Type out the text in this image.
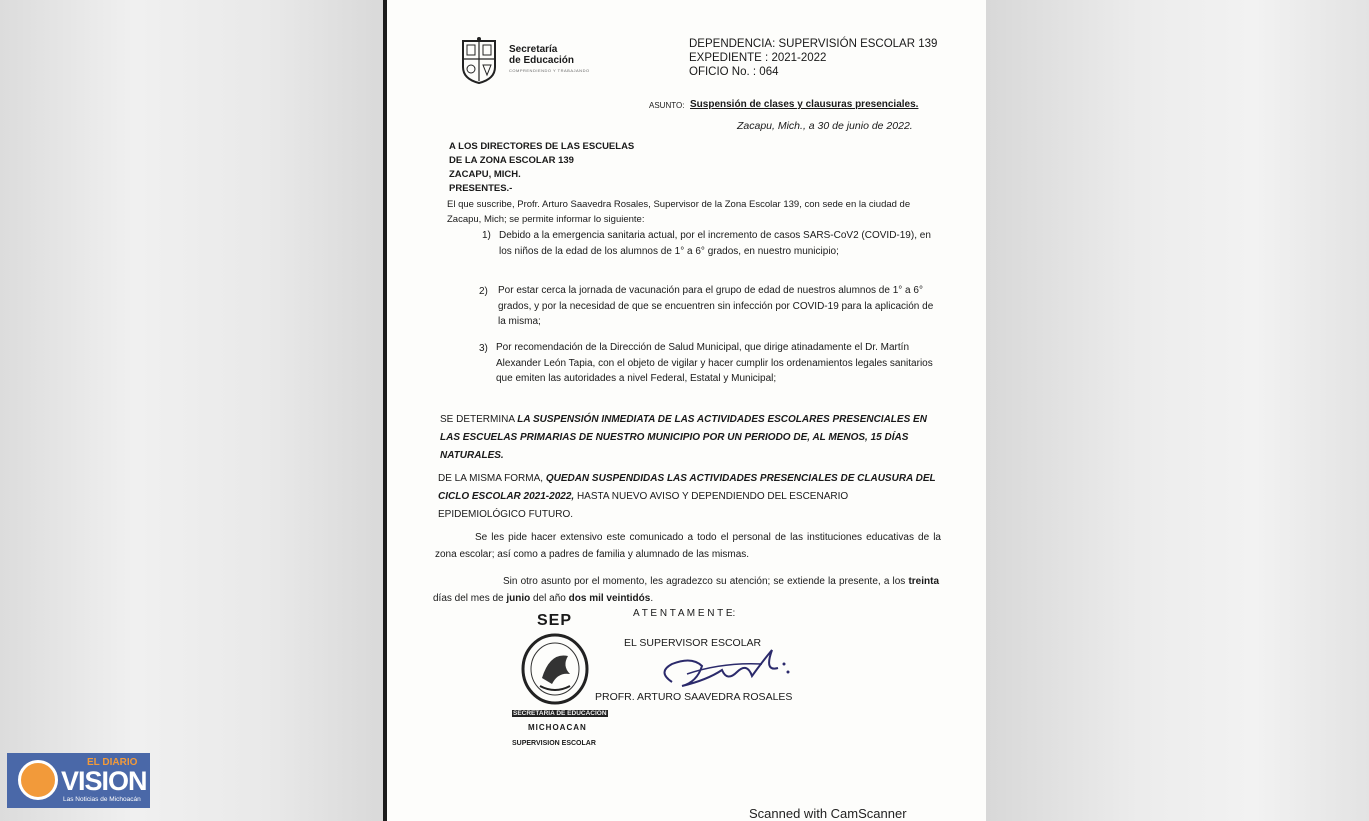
Secretaría
de Educación
COMPRENDIENDO Y TRABAJANDO
DEPENDENCIA: SUPERVISIÓN ESCOLAR 139
EXPEDIENTE : 2021-2022
OFICIO No. : 064
ASUNTO: Suspensión de clases y clausuras presenciales.
Zacapu, Mich., a 30 de junio de 2022.
A LOS DIRECTORES DE LAS ESCUELAS
DE LA ZONA ESCOLAR 139
ZACAPU, MICH.
PRESENTES.-
El que suscribe, Profr. Arturo Saavedra Rosales, Supervisor de la Zona Escolar 139, con sede en la ciudad de Zacapu, Mich; se permite informar lo siguiente:
1) Debido a la emergencia sanitaria actual, por el incremento de casos SARS-CoV2 (COVID-19), en los niños de la edad de los alumnos de 1° a 6° grados, en nuestro municipio;
2) Por estar cerca la jornada de vacunación para el grupo de edad de nuestros alumnos de 1° a 6° grados, y por la necesidad de que se encuentren sin infección por COVID-19 para la aplicación de la misma;
3) Por recomendación de la Dirección de Salud Municipal, que dirige atinadamente el Dr. Martín Alexander León Tapia, con el objeto de vigilar y hacer cumplir los ordenamientos legales sanitarios que emiten las autoridades a nivel Federal, Estatal y Municipal;
SE DETERMINA LA SUSPENSIÓN INMEDIATA DE LAS ACTIVIDADES ESCOLARES PRESENCIALES EN LAS ESCUELAS PRIMARIAS DE NUESTRO MUNICIPIO POR UN PERIODO DE, AL MENOS, 15 DÍAS NATURALES.
DE LA MISMA FORMA, QUEDAN SUSPENDIDAS LAS ACTIVIDADES PRESENCIALES DE CLAUSURA DEL CICLO ESCOLAR 2021-2022, HASTA NUEVO AVISO Y DEPENDIENDO DEL ESCENARIO EPIDEMIOLÓGICO FUTURO.
Se les pide hacer extensivo este comunicado a todo el personal de las instituciones educativas de la zona escolar; así como a padres de familia y alumnado de las mismas.
Sin otro asunto por el momento, les agradezco su atención; se extiende la presente, a los treinta días del mes de junio del año dos mil veintidós.
A T E N T A M E N T E:
EL SUPERVISOR ESCOLAR
PROFR. ARTURO SAAVEDRA ROSALES
SEP
SECRETARIA DE EDUCACION
MICHOACAN
SUPERVISION ESCOLAR
Scanned with CamScanner
EL DIARIO
VISION
Las Noticias de Michoacán
